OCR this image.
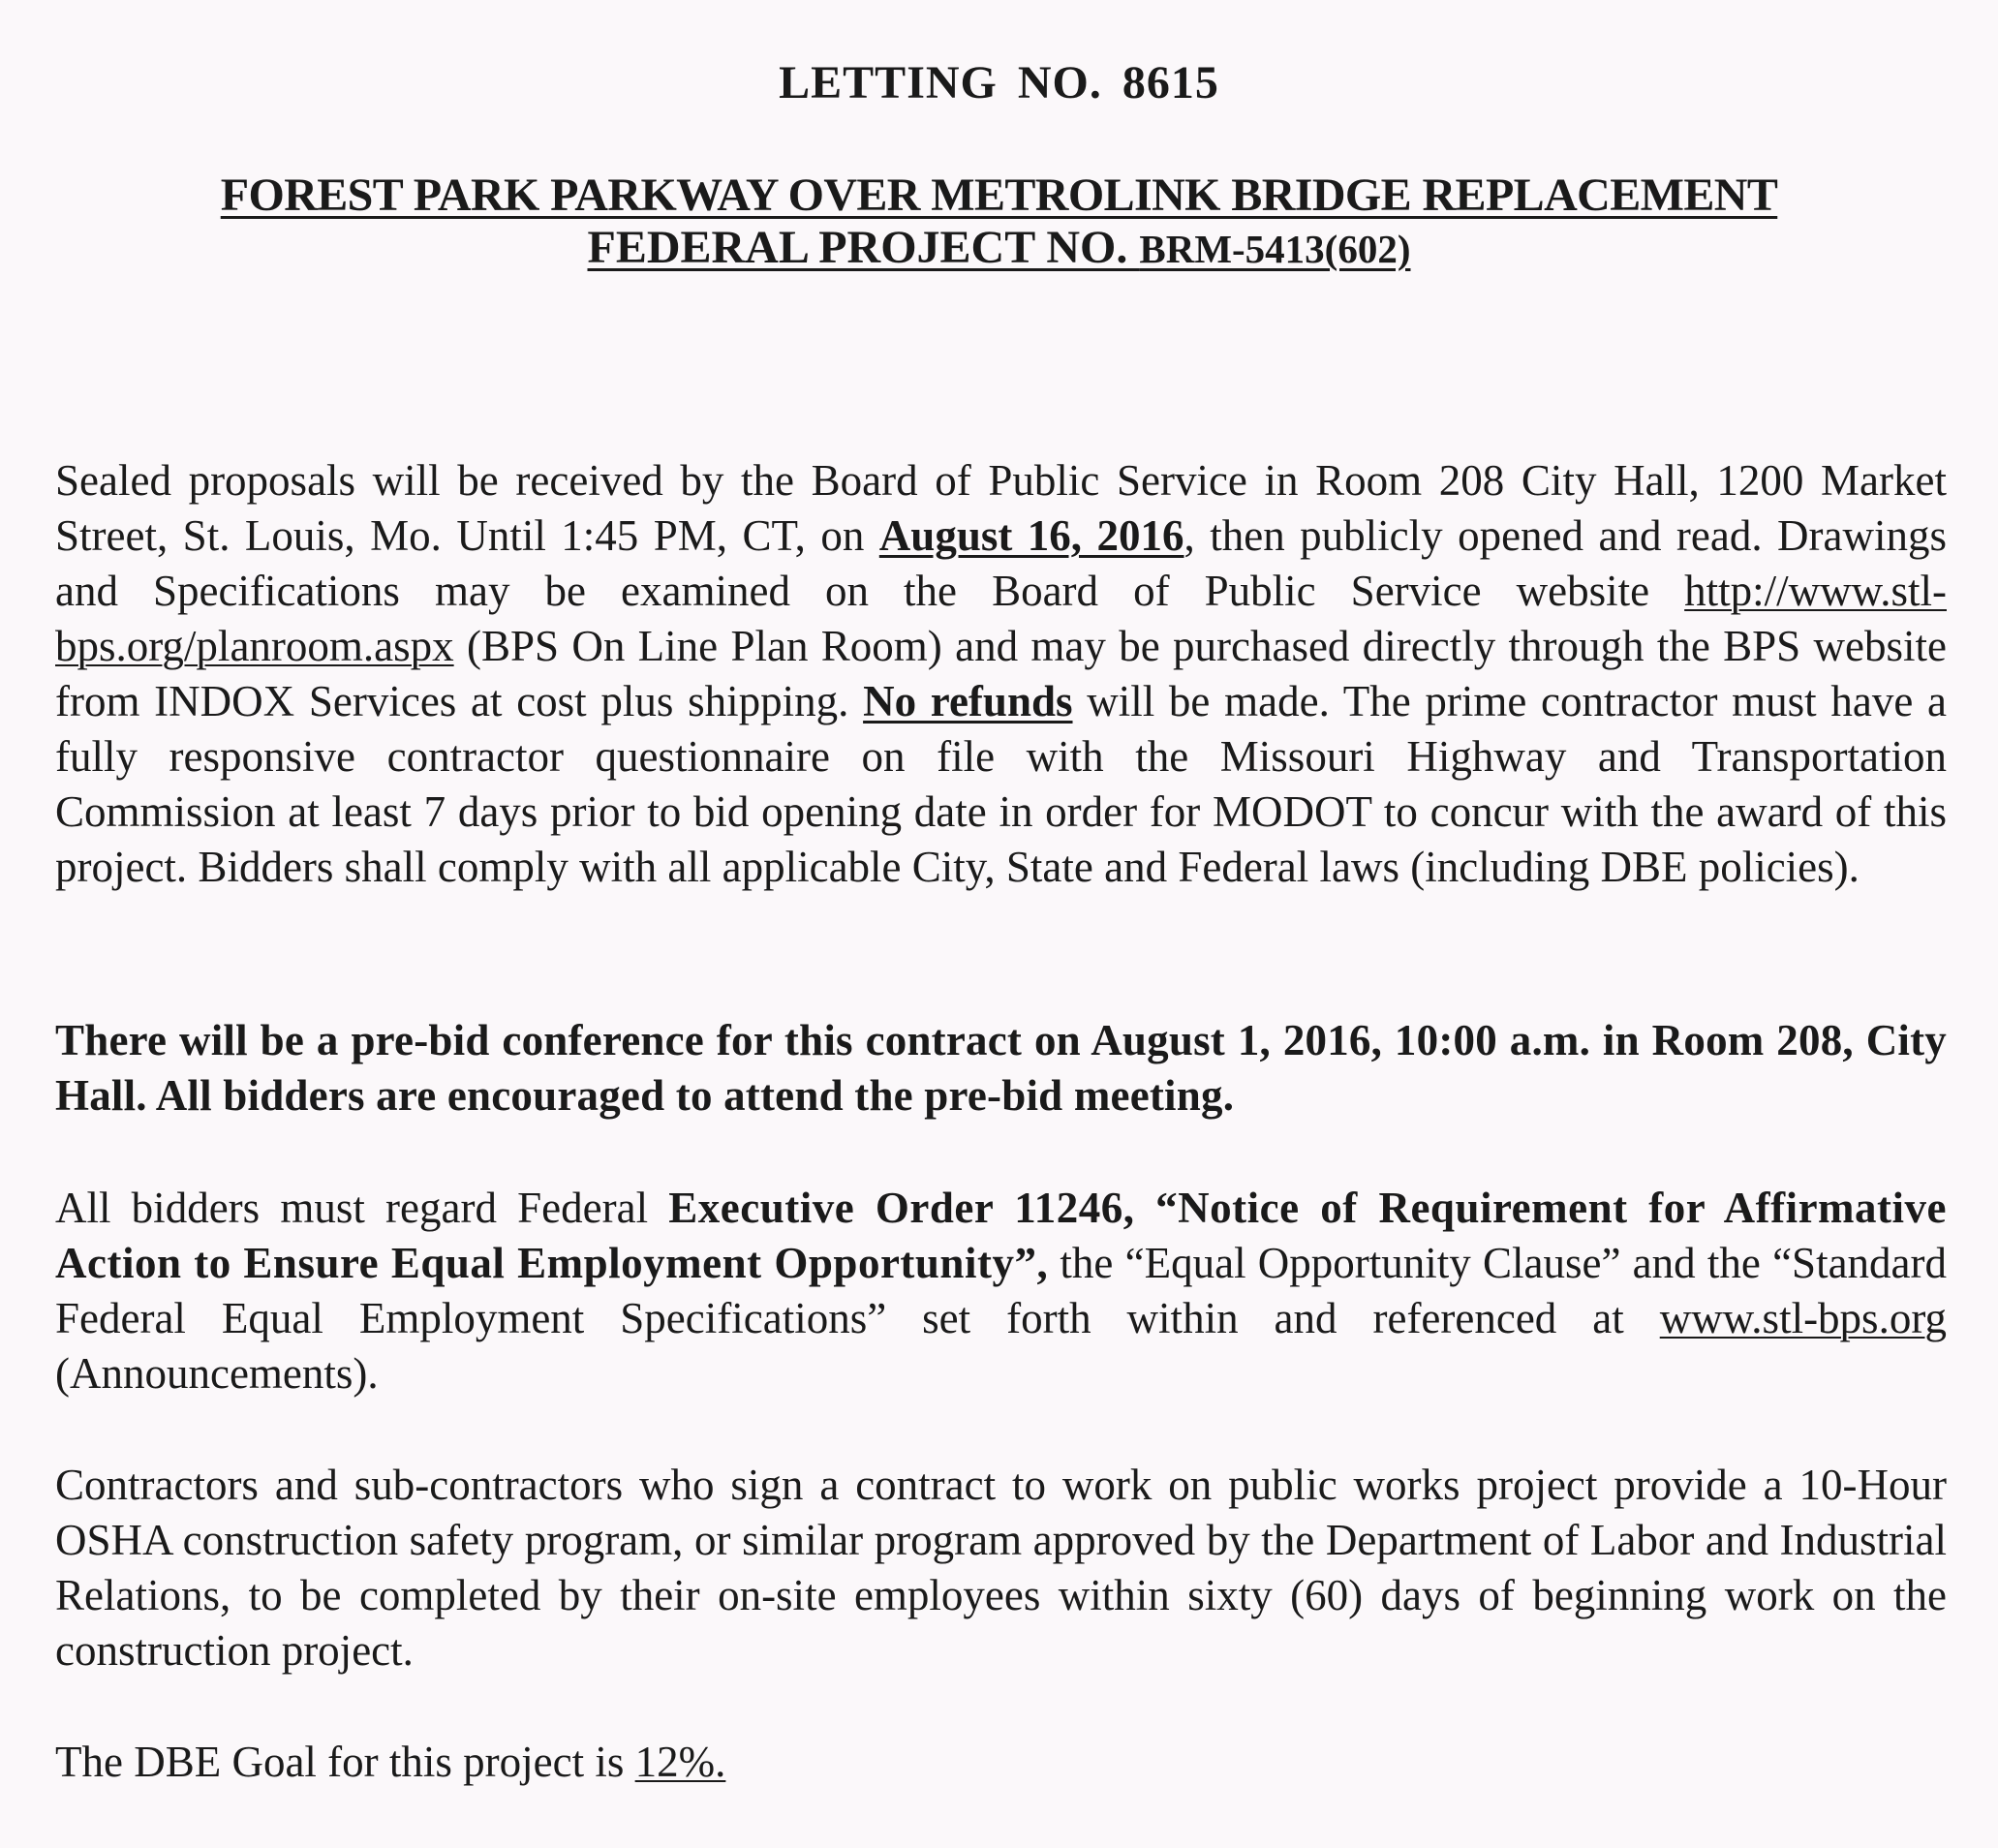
LETTING NO. 8615
FOREST PARK PARKWAY OVER METROLINK BRIDGE REPLACEMENT
FEDERAL PROJECT NO. BRM-5413(602)

Sealed proposals will be received by the Board of Public Service in Room 208 City Hall, 1200 Market Street, St. Louis, Mo. Until 1:45 PM, CT, on August 16, 2016, then publicly opened and read. Drawings and Specifications may be examined on the Board of Public Service website http://www.stl-bps.org/planroom.aspx (BPS On Line Plan Room) and may be purchased directly through the BPS website from INDOX Services at cost plus shipping. No refunds will be made. The prime contractor must have a fully responsive contractor questionnaire on file with the Missouri Highway and Transportation Commission at least 7 days prior to bid opening date in order for MODOT to concur with the award of this project. Bidders shall comply with all applicable City, State and Federal laws (including DBE policies).

There will be a pre-bid conference for this contract on August 1, 2016, 10:00 a.m. in Room 208, City Hall. All bidders are encouraged to attend the pre-bid meeting.

All bidders must regard Federal Executive Order 11246, “Notice of Requirement for Affirmative Action to Ensure Equal Employment Opportunity”, the “Equal Opportunity Clause” and the “Standard Federal Equal Employment Specifications” set forth within and referenced at www.stl-bps.org (Announcements).

Contractors and sub-contractors who sign a contract to work on public works project provide a 10-Hour OSHA construction safety program, or similar program approved by the Department of Labor and Industrial Relations, to be completed by their on-site employees within sixty (60) days of beginning work on the construction project.

The DBE Goal for this project is 12%.
